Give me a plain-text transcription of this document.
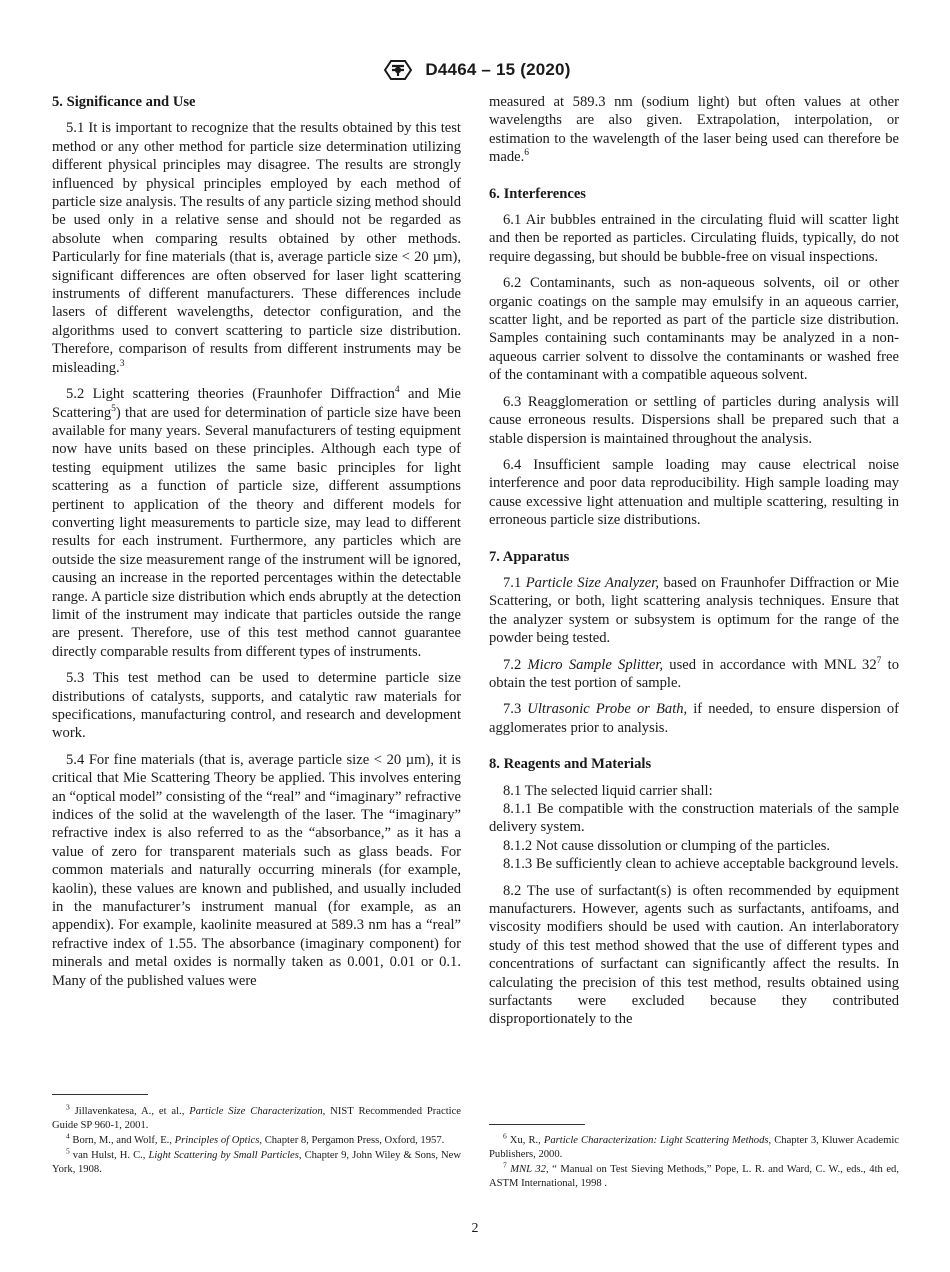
D4464 – 15 (2020)
5. Significance and Use

5.1 It is important to recognize that the results obtained by this test method or any other method for particle size determination utilizing different physical principles may disagree. The results are strongly influenced by physical principles employed by each method of particle size analysis. The results of any particle sizing method should be used only in a relative sense and should not be regarded as absolute when comparing results obtained by other methods. Particularly for fine materials (that is, average particle size < 20 µm), significant differences are often observed for laser light scattering instruments of different manufacturers. These differences include lasers of different wavelengths, detector configuration, and the algorithms used to convert scattering to particle size distribution. Therefore, comparison of results from different instruments may be misleading.$^3$

5.2 Light scattering theories (Fraunhofer Diffraction$^4$ and Mie Scattering$^5$) that are used for determination of particle size have been available for many years. Several manufacturers of testing equipment now have units based on these principles. Although each type of testing equipment utilizes the same basic principles for light scattering as a function of particle size, different assumptions pertinent to application of the theory and different models for converting light measurements to particle size, may lead to different results for each instrument. Furthermore, any particles which are outside the size measurement range of the instrument will be ignored, causing an increase in the reported percentages within the detectable range. A particle size distribution which ends abruptly at the detection limit of the instrument may indicate that particles outside the range are present. Therefore, use of this test method cannot guarantee directly comparable results from different types of instruments.

5.3 This test method can be used to determine particle size distributions of catalysts, supports, and catalytic raw materials for specifications, manufacturing control, and research and development work.

5.4 For fine materials (that is, average particle size < 20 µm), it is critical that Mie Scattering Theory be applied. This involves entering an “optical model” consisting of the “real” and “imaginary” refractive indices of the solid at the wavelength of the laser. The “imaginary” refractive index is also referred to as the “absorbance,” as it has a value of zero for transparent materials such as glass beads. For common materials and naturally occurring minerals (for example, kaolin), these values are known and published, and usually included in the manufacturer’s instrument manual (for example, as an appendix). For example, kaolinite measured at 589.3 nm has a “real” refractive index of 1.55. The absorbance (imaginary component) for minerals and metal oxides is normally taken as 0.001, 0.01 or 0.1. Many of the published values were

measured at 589.3 nm (sodium light) but often values at other wavelengths are also given. Extrapolation, interpolation, or estimation to the wavelength of the laser being used can therefore be made.$^6$

6. Interferences

6.1 Air bubbles entrained in the circulating fluid will scatter light and then be reported as particles. Circulating fluids, typically, do not require degassing, but should be bubble-free on visual inspections.

6.2 Contaminants, such as non-aqueous solvents, oil or other organic coatings on the sample may emulsify in an aqueous carrier, scatter light, and be reported as part of the particle size distribution. Samples containing such contaminants may be analyzed in a non-aqueous carrier solvent to dissolve the contaminants or washed free of the contaminant with a compatible aqueous solvent.

6.3 Reagglomeration or settling of particles during analysis will cause erroneous results. Dispersions shall be prepared such that a stable dispersion is maintained throughout the analysis.

6.4 Insufficient sample loading may cause electrical noise interference and poor data reproducibility. High sample loading may cause excessive light attenuation and multiple scattering, resulting in erroneous particle size distributions.

7. Apparatus

7.1 Particle Size Analyzer, based on Fraunhofer Diffraction or Mie Scattering, or both, light scattering analysis techniques. Ensure that the analyzer system or subsystem is optimum for the range of the powder being tested.

7.2 Micro Sample Splitter, used in accordance with MNL $32^7$ to obtain the test portion of sample.

7.3 Ultrasonic Probe or Bath, if needed, to ensure dispersion of agglomerates prior to analysis.

8. Reagents and Materials

8.1 The selected liquid carrier shall:

8.1.1 Be compatible with the construction materials of the sample delivery system.

8.1.2 Not cause dissolution or clumping of the particles.

8.1.3 Be sufficiently clean to achieve acceptable background levels.

8.2 The use of surfactant(s) is often recommended by equipment manufacturers. However, agents such as surfactants, antifoams, and viscosity modifiers should be used with caution. An interlaboratory study of this test method showed that the use of different types and concentrations of surfactant can significantly affect the results. In calculating the precision of this test method, results obtained using surfactants were excluded because they contributed disproportionately to the

$^3$ Jillavenkatesa, A., et al., Particle Size Characterization, NIST Recommended Practice Guide SP 960-1, 2001.

$^4$ Born, M., and Wolf, E., Principles of Optics, Chapter 8, Pergamon Press, Oxford, 1957.

$^5$ van Hulst, H. C., Light Scattering by Small Particles, Chapter 9, John Wiley & Sons, New York, 1908.

$^6$ Xu, R., Particle Characterization: Light Scattering Methods, Chapter 3, Kluwer Academic Publishers, 2000.

$^7$ MNL 32, “ Manual on Test Sieving Methods,” Pope, L. R. and Ward, C. W., eds., 4th ed, ASTM International, 1998 .

2
